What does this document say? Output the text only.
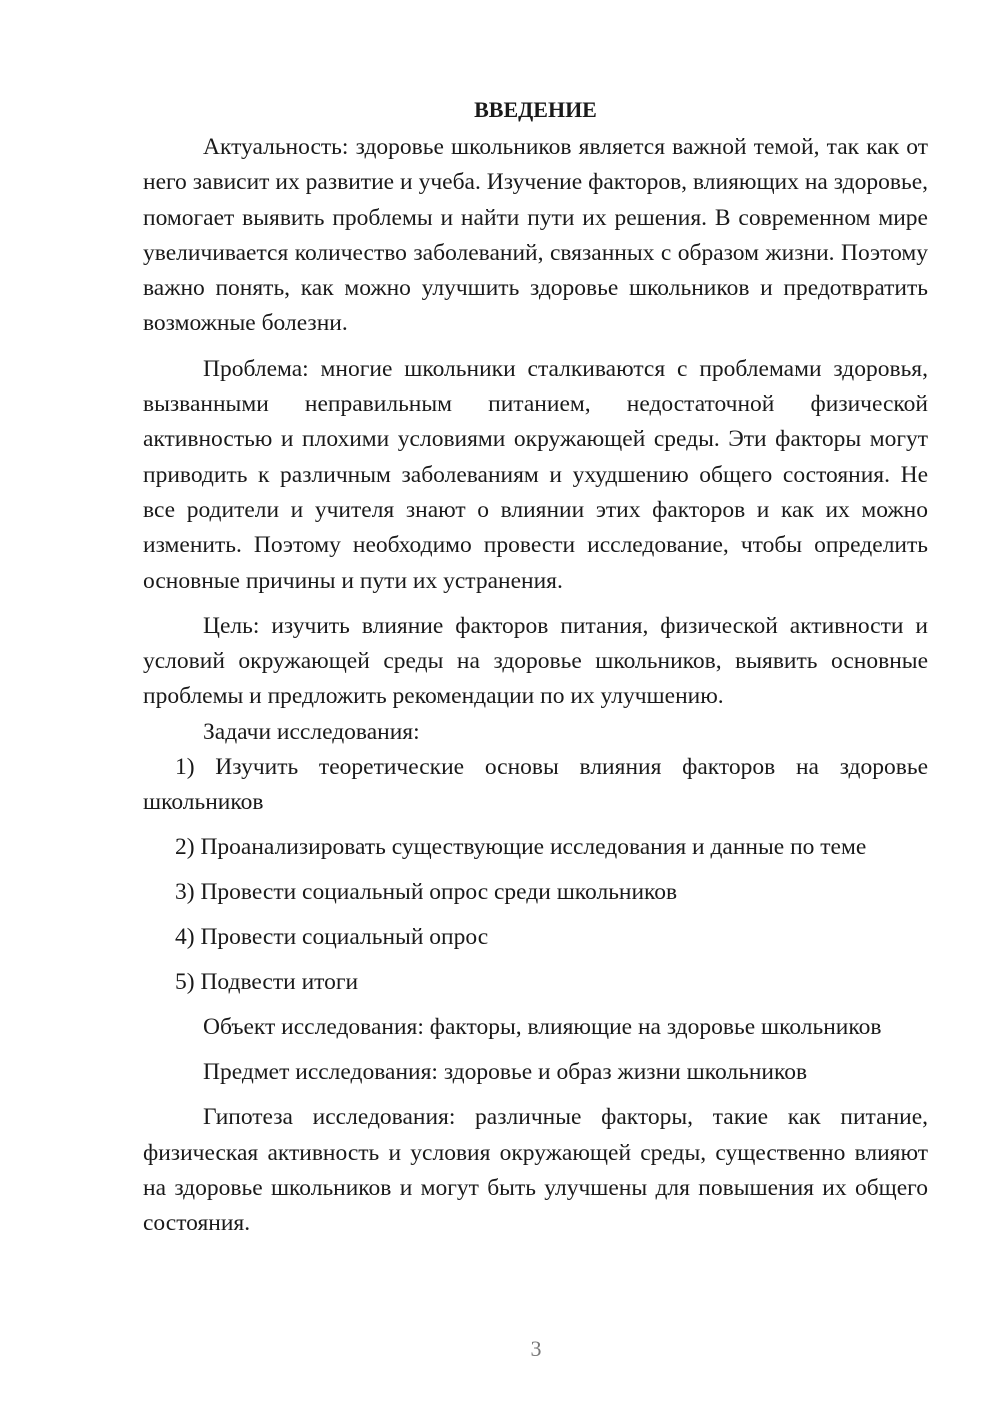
ВВЕДЕНИЕ

Актуальность: здоровье школьников является важной темой, так как от него зависит их развитие и учеба. Изучение факторов, влияющих на здоровье, помогает выявить проблемы и найти пути их решения. В современном мире увеличивается количество заболеваний, связанных с образом жизни. Поэтому важно понять, как можно улучшить здоровье школьников и предотвратить возможные болезни.

Проблема: многие школьники сталкиваются с проблемами здоровья, вызванными неправильным питанием, недостаточной физической активностью и плохими условиями окружающей среды. Эти факторы могут приводить к различным заболеваниям и ухудшению общего состояния. Не все родители и учителя знают о влиянии этих факторов и как их можно изменить. Поэтому необходимо провести исследование, чтобы определить основные причины и пути их устранения.

Цель: изучить влияние факторов питания, физической активности и условий окружающей среды на здоровье школьников, выявить основные проблемы и предложить рекомендации по их улучшению.

Задачи исследования:

1) Изучить теоретические основы влияния факторов на здоровье школьников

2) Проанализировать существующие исследования и данные по теме

3) Провести социальный опрос среди школьников

4) Провести социальный опрос

5) Подвести итоги

Объект исследования: факторы, влияющие на здоровье школьников

Предмет исследования: здоровье и образ жизни школьников

Гипотеза исследования: различные факторы, такие как питание, физическая активность и условия окружающей среды, существенно влияют на здоровье школьников и могут быть улучшены для повышения их общего состояния.

3
